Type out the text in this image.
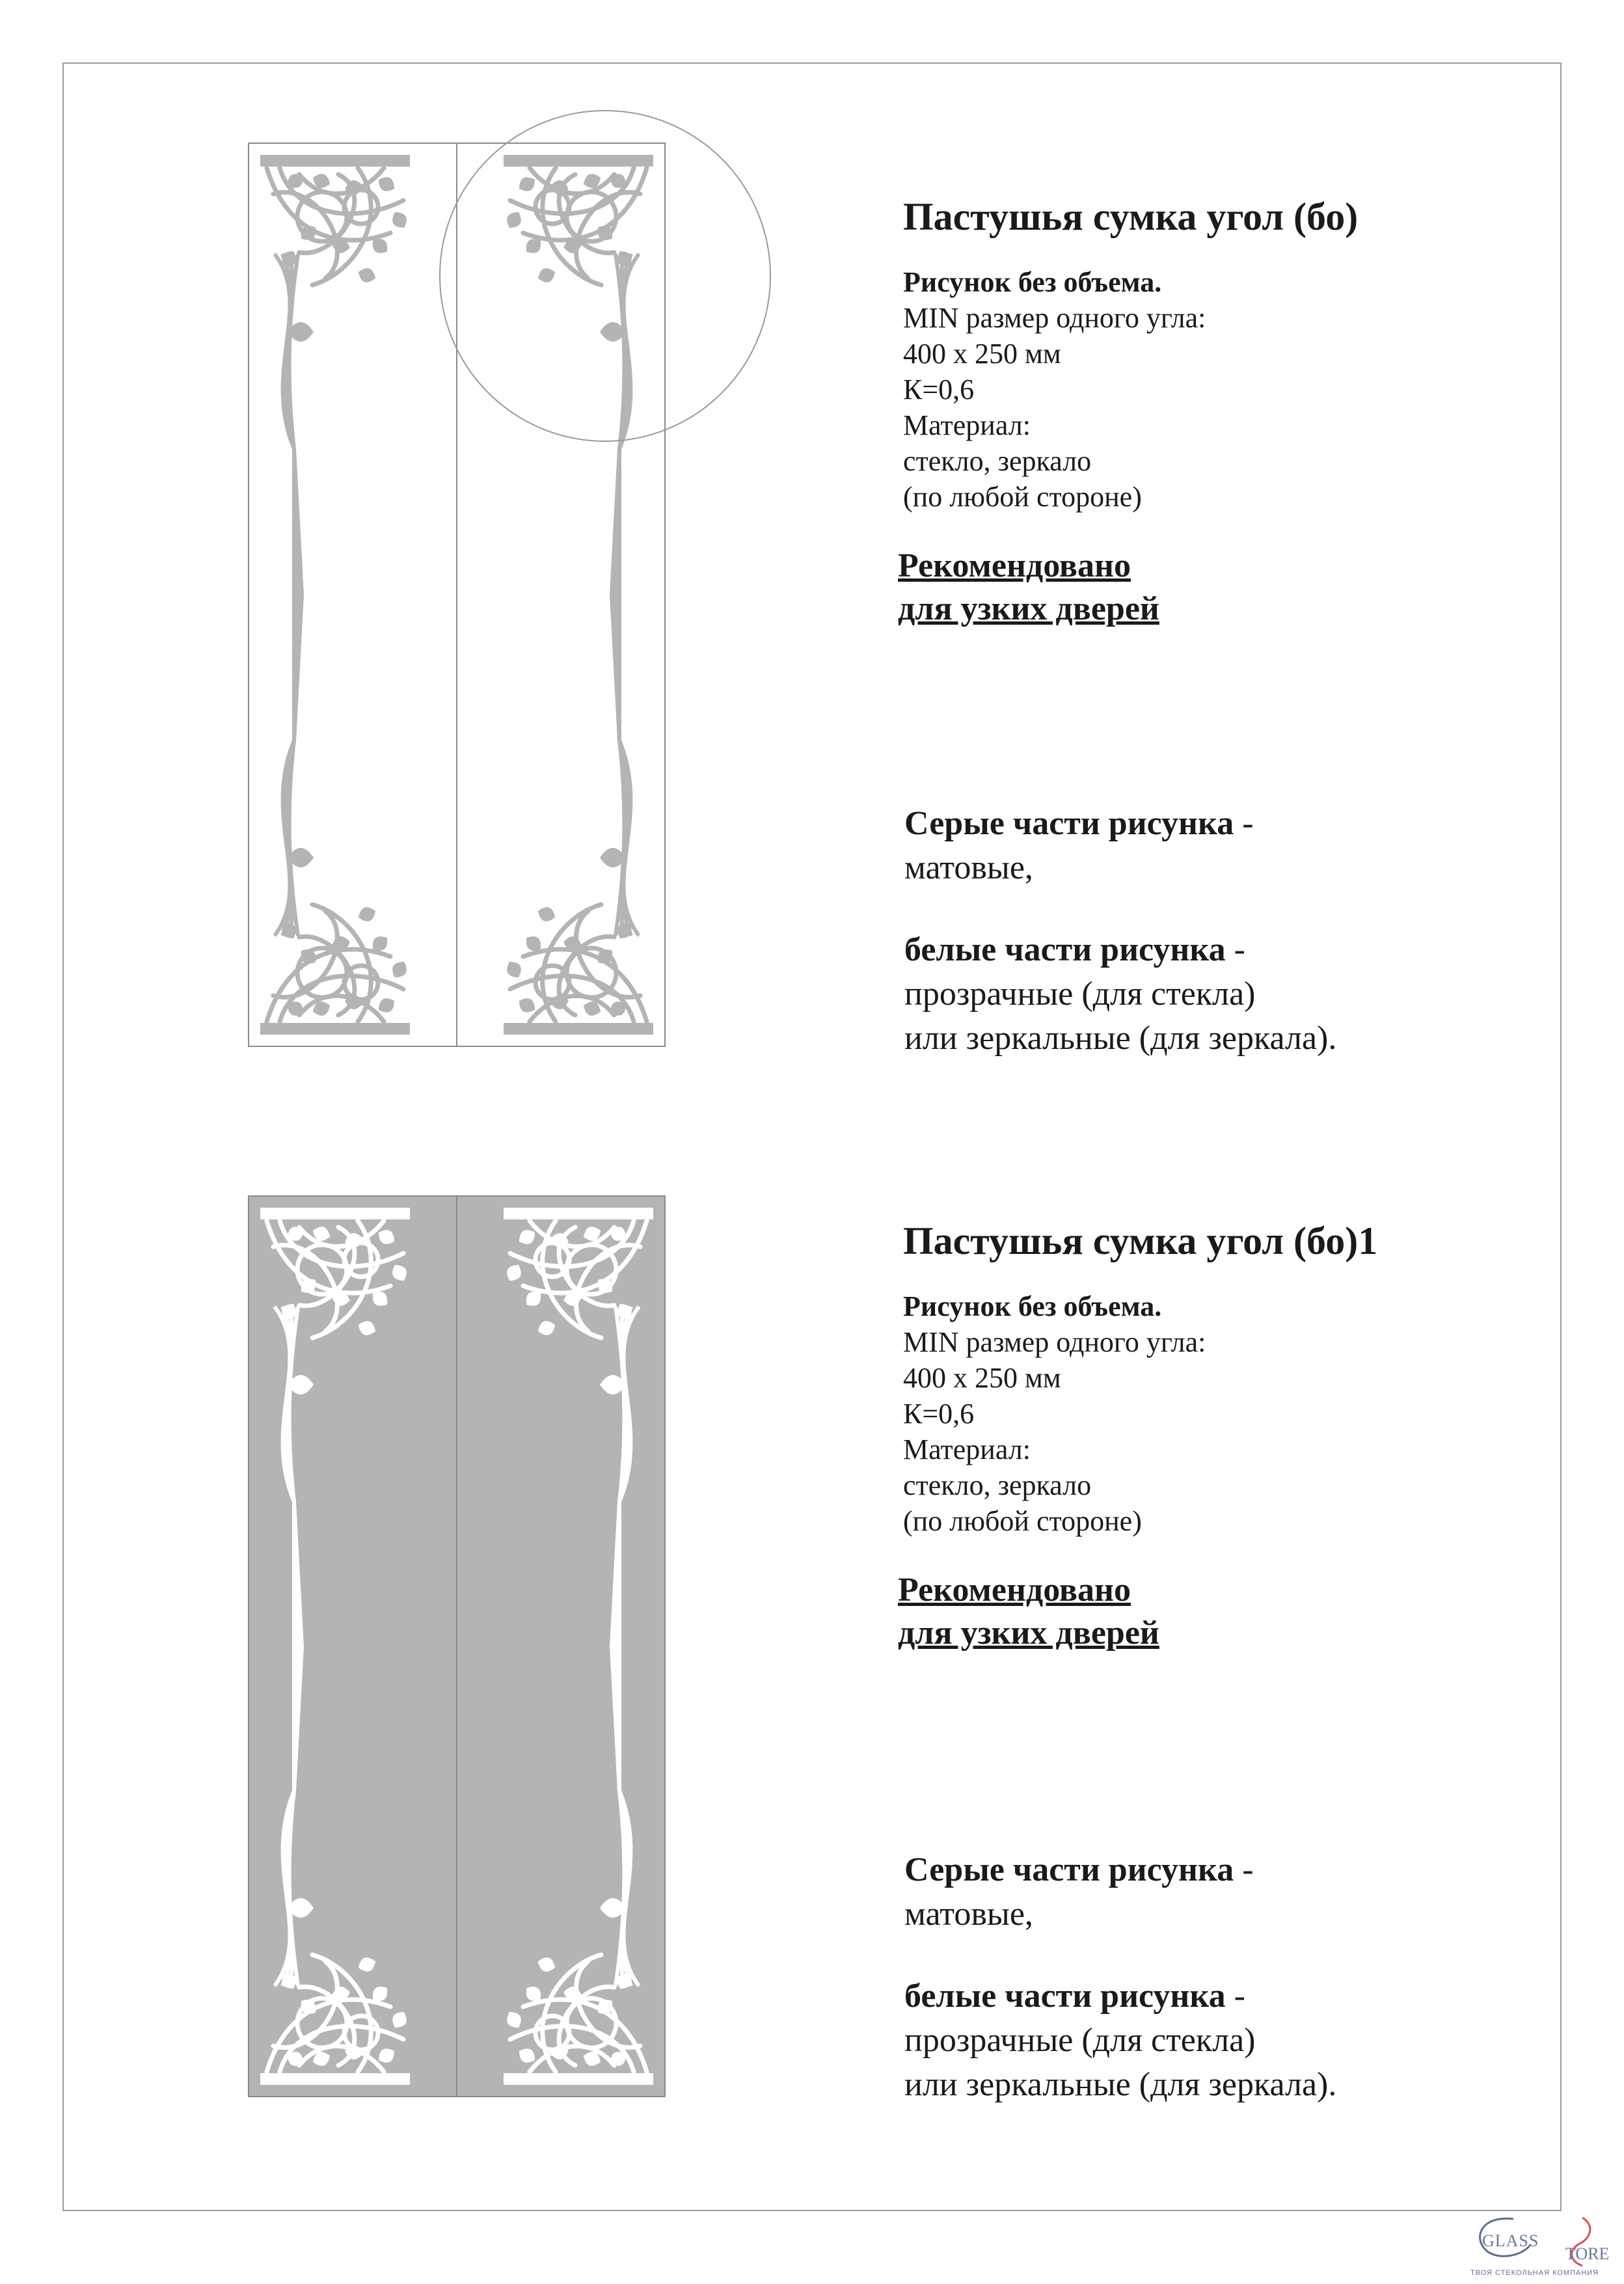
Пастушья сумка угол (бо)
Рисунок без объема.
MIN размер одного угла:
400 х 250 мм
К=0,6
Материал:
стекло, зеркало
(по любой стороне)
Рекомендовано
для узких дверей
Серые части рисунка -
матовые,
белые части рисунка -
прозрачные (для стекла)
или зеркальные (для зеркала).
Пастушья сумка угол (бо)1
Рисунок без объема.
MIN размер одного угла:
400 х 250 мм
К=0,6
Материал:
стекло, зеркало
(по любой стороне)
Рекомендовано
для узких дверей
Серые части рисунка -
матовые,
белые части рисунка -
прозрачные (для стекла)
или зеркальные (для зеркала).
GLASS
TORE
ТВОЯ СТЕКОЛЬНАЯ КОМПАНИЯ
